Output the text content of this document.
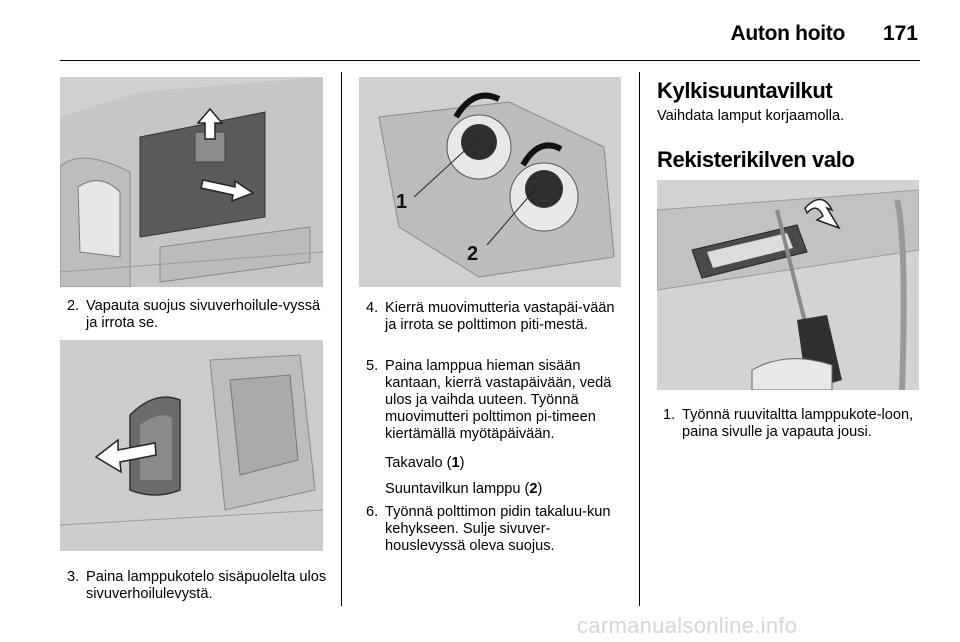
Auton hoito 171
2. Vapauta suojus sivuverhoilule-vyssä ja irrota se.
3. Paina lamppukotelo sisäpuolelta ulos sivuverhoilulevystä.
1
2
4. Kierrä muovimutteria vastapäi-vään ja irrota se polttimon piti-mestä.
5. Paina lamppua hieman sisään kantaan, kierrä vastapäivään, vedä ulos ja vaihda uuteen. Työnnä muovimutteri polttimon pi-timeen kiertämällä myötäpäivään.
Takavalo (1)
Suuntavilkun lamppu (2)
6. Työnnä polttimon pidin takaluu-kun kehykseen. Sulje sivuver-houslevyssä oleva suojus.
Kylkisuuntavilkut
Vaihdata lamput korjaamolla.
Rekisterikilven valo
1. Työnnä ruuvitaltta lamppukote-loon, paina sivulle ja vapauta jousi.
carmanualsonline.info
